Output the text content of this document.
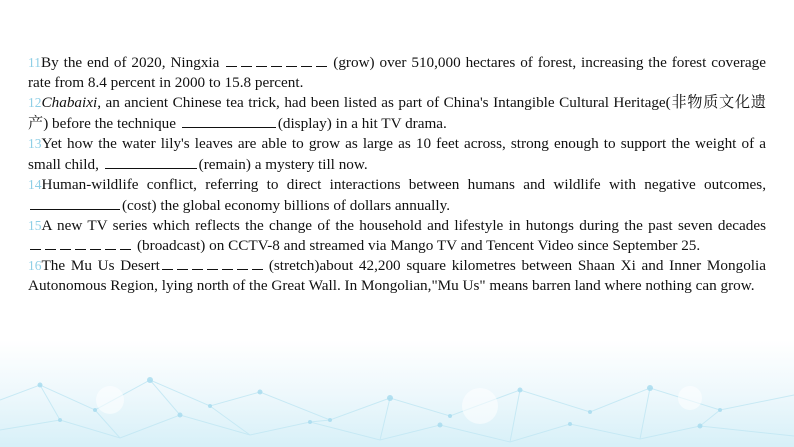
11By the end of 2020, Ningxia	(grow) over 510,000 hectares of forest, increasing the forest coverage rate from 8.4 percent in 2000 to 15.8 percent.

12Chabaixi, an ancient Chinese tea trick, had been listed as part of China's Intangible Cultural Heritage(非物质文化遗产) before the technique	(display) in a hit TV drama.

13Yet how the water lily's leaves are able to grow as large as 10 feet across, strong enough to support the weight of a small child,	(remain) a mystery till now.

14Human-wildlife conflict, referring to direct interactions between humans and wildlife with negative outcomes, (cost) the global economy billions of dollars annually.

15A new TV series which reflects the change of the household and lifestyle in hutongs during the past seven decades (broadcast) on CCTV-8 and streamed via Mango TV and Tencent Video since September 25.

16The Mu Us Desert	(stretch)about 42,200 square kilometres between Shaan Xi and Inner Mongolia Autonomous Region, lying north of the Great Wall. In Mongolian,"Mu Us" means barren land where nothing can grow.
